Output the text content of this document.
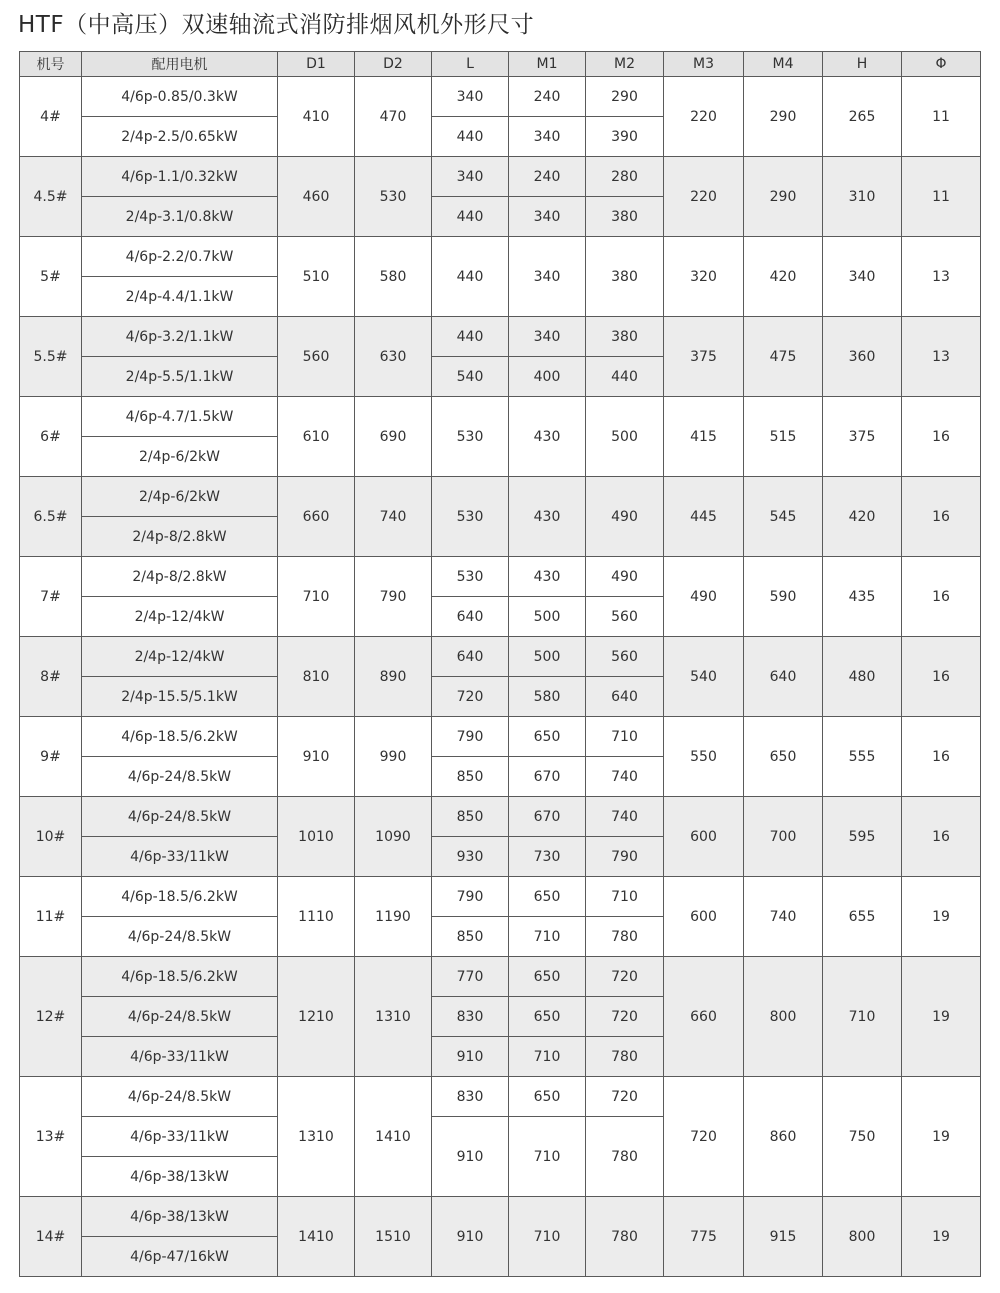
HTF（中高压）双速轴流式消防排烟风机外形尺寸
机号	配用电机	D1	D2	L	M1	M2	M3	M4	H	Φ
4#	4/6p-0.85/0.3kW	410	470	340	240	290	220	290	265	11
	2/4p-2.5/0.65kW			440	340	390				
4.5#	4/6p-1.1/0.32kW	460	530	340	240	280	220	290	310	11
	2/4p-3.1/0.8kW			440	340	380				
5#	4/6p-2.2/0.7kW	510	580	440	340	380	320	420	340	13
	2/4p-4.4/1.1kW									
5.5#	4/6p-3.2/1.1kW	560	630	440	340	380	375	475	360	13
	2/4p-5.5/1.1kW			540	400	440				
6#	4/6p-4.7/1.5kW	610	690	530	430	500	415	515	375	16
	2/4p-6/2kW									
6.5#	2/4p-6/2kW	660	740	530	430	490	445	545	420	16
	2/4p-8/2.8kW									
7#	2/4p-8/2.8kW	710	790	530	430	490	490	590	435	16
	2/4p-12/4kW			640	500	560				
8#	2/4p-12/4kW	810	890	640	500	560	540	640	480	16
	2/4p-15.5/5.1kW			720	580	640				
9#	4/6p-18.5/6.2kW	910	990	790	650	710	550	650	555	16
	4/6p-24/8.5kW			850	670	740				
10#	4/6p-24/8.5kW	1010	1090	850	670	740	600	700	595	16
	4/6p-33/11kW			930	730	790				
11#	4/6p-18.5/6.2kW	1110	1190	790	650	710	600	740	655	19
	4/6p-24/8.5kW			850	710	780				
12#	4/6p-18.5/6.2kW	1210	1310	770	650	720	660	800	710	19
	4/6p-24/8.5kW			830	650	720				
	4/6p-33/11kW			910	710	780				
13#	4/6p-24/8.5kW	1310	1410	830	650	720	720	860	750	19
	4/6p-33/11kW			910	710	780				
	4/6p-38/13kW									
14#	4/6p-38/13kW	1410	1510	910	710	780	775	915	800	19
	4/6p-47/16kW									
